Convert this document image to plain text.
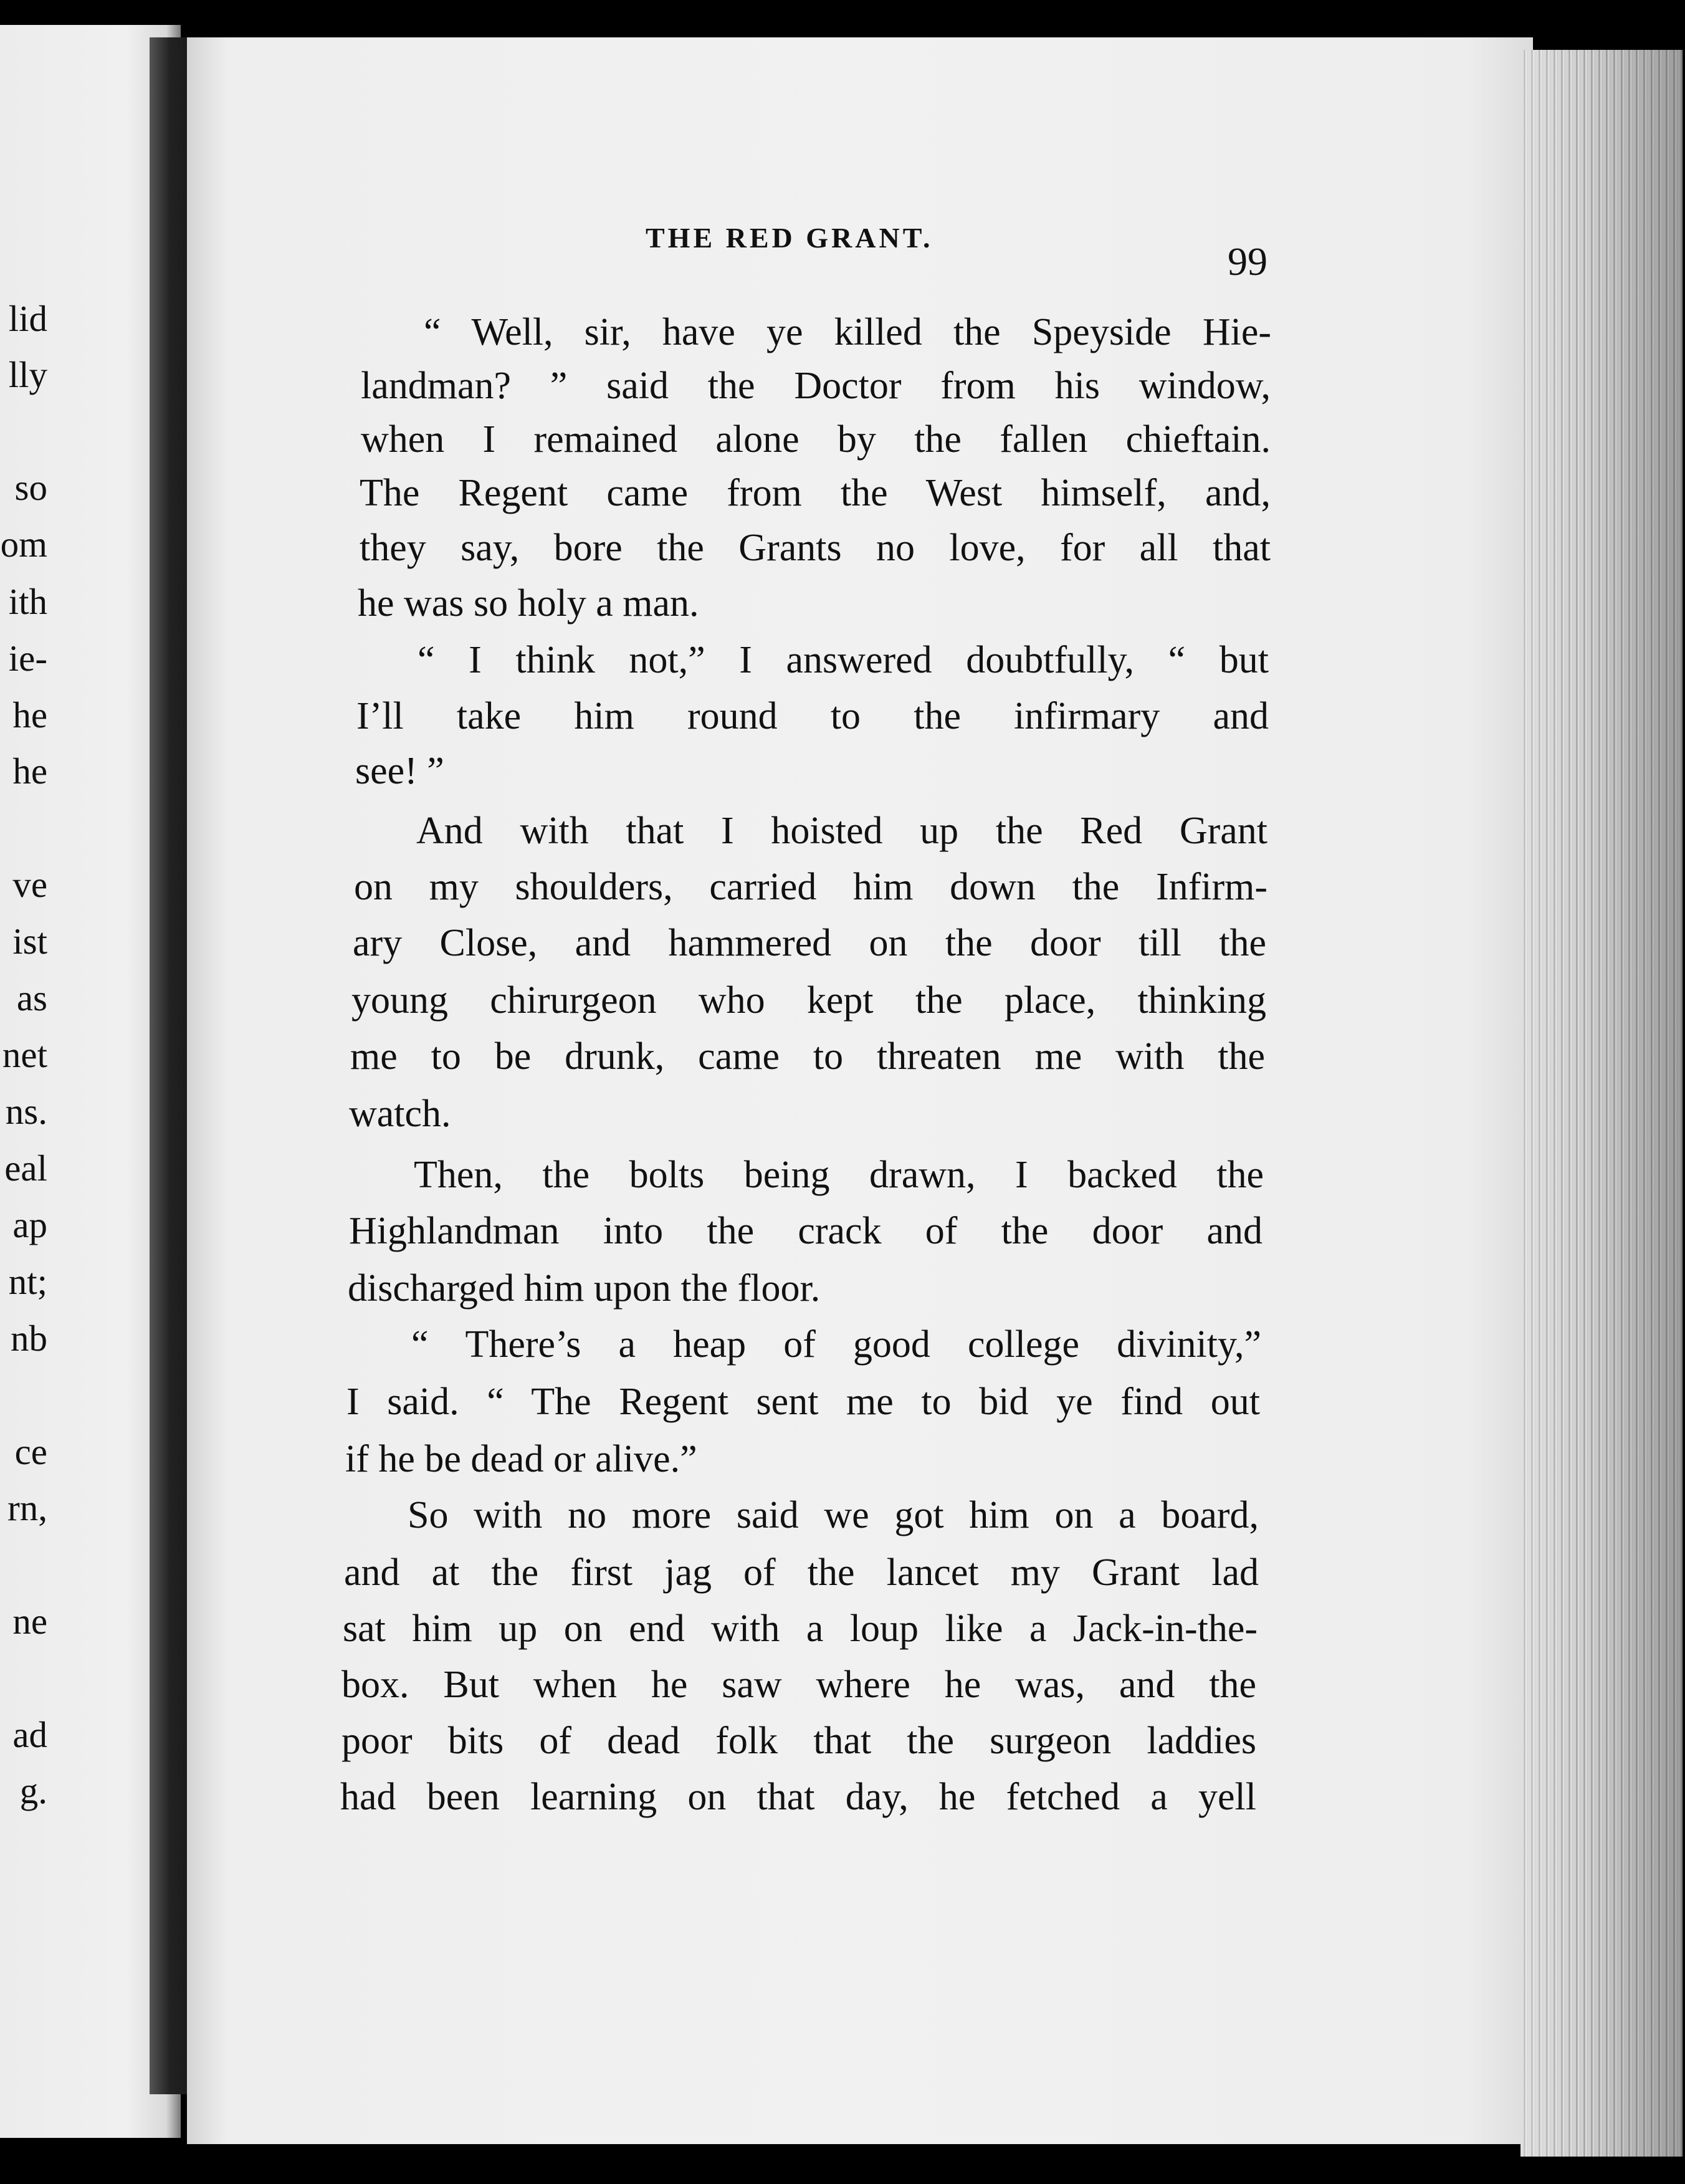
lid
lly
so
om
ith
ie-
he
he
ve
ist
as
net
ns.
eal
ap
nt;
nb
ce
rn,
ne
ad
g.
THE RED GRANT.
99
“ Well, sir, have ye killed the Speyside Hie-
landman? ” said the Doctor from his window,
when I remained alone by the fallen chieftain.
The Regent came from the West himself, and,
they say, bore the Grants no love, for all that
he was so holy a man.
“ I think not,” I answered doubtfully, “ but
I’ll take him round to the infirmary and
see! ”
And with that I hoisted up the Red Grant
on my shoulders, carried him down the Infirm-
ary Close, and hammered on the door till the
young chirurgeon who kept the place, thinking
me to be drunk, came to threaten me with the
watch.
Then, the bolts being drawn, I backed the
Highlandman into the crack of the door and
discharged him upon the floor.
“ There’s a heap of good college divinity,”
I said. “ The Regent sent me to bid ye find out
if he be dead or alive.”
So with no more said we got him on a board,
and at the first jag of the lancet my Grant lad
sat him up on end with a loup like a Jack-in-the-
box. But when he saw where he was, and the
poor bits of dead folk that the surgeon laddies
had been learning on that day, he fetched a yell
